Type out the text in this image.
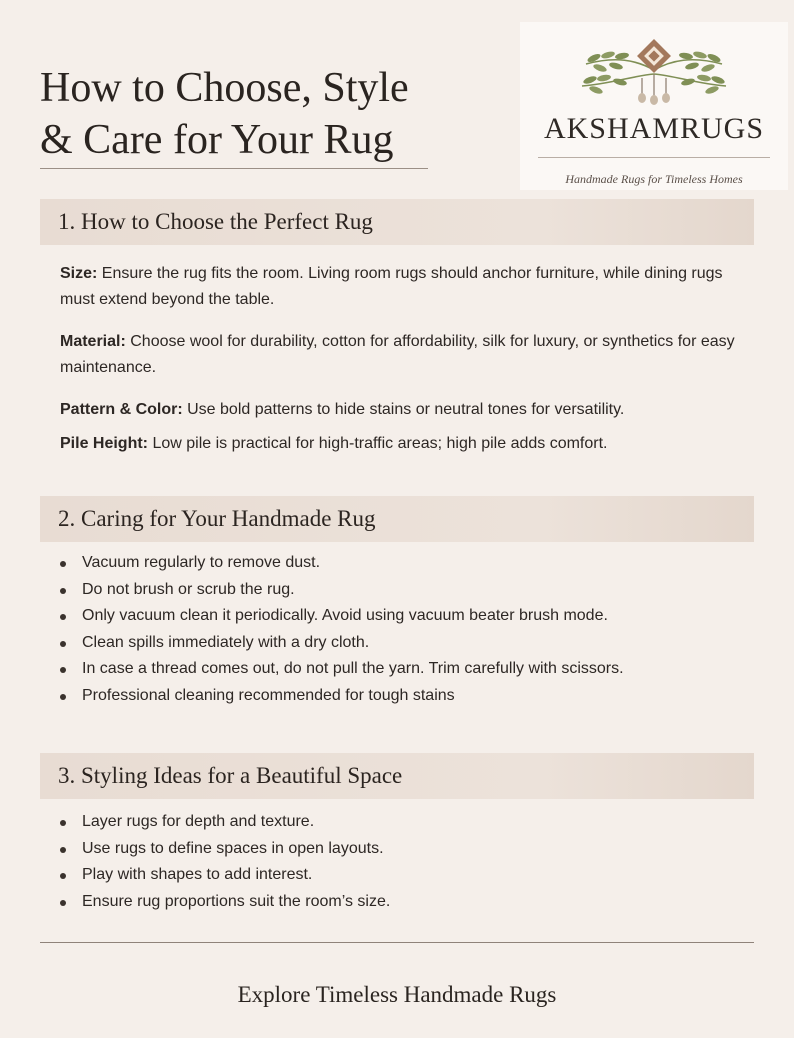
How to Choose, Style
& Care for Your Rug	AKSHAMRUGS
Handmade Rugs for Timeless Homes
1. How to Choose the Perfect Rug
Size: Ensure the rug fits the room. Living room rugs should anchor furniture, while dining rugs must extend beyond the table.
Material: Choose wool for durability, cotton for affordability, silk for luxury, or synthetics for easy maintenance.
Pattern & Color: Use bold patterns to hide stains or neutral tones for versatility.
Pile Height: Low pile is practical for high-traffic areas; high pile adds comfort.
2. Caring for Your Handmade Rug
Vacuum regularly to remove dust.
Do not brush or scrub the rug.
Only vacuum clean it periodically. Avoid using vacuum beater brush mode.
Clean spills immediately with a dry cloth.
In case a thread comes out, do not pull the yarn. Trim carefully with scissors.
Professional cleaning recommended for tough stains
3. Styling Ideas for a Beautiful Space
Layer rugs for depth and texture.
Use rugs to define spaces in open layouts.
Play with shapes to add interest.
Ensure rug proportions suit the room’s size.
Explore Timeless Handmade Rugs
